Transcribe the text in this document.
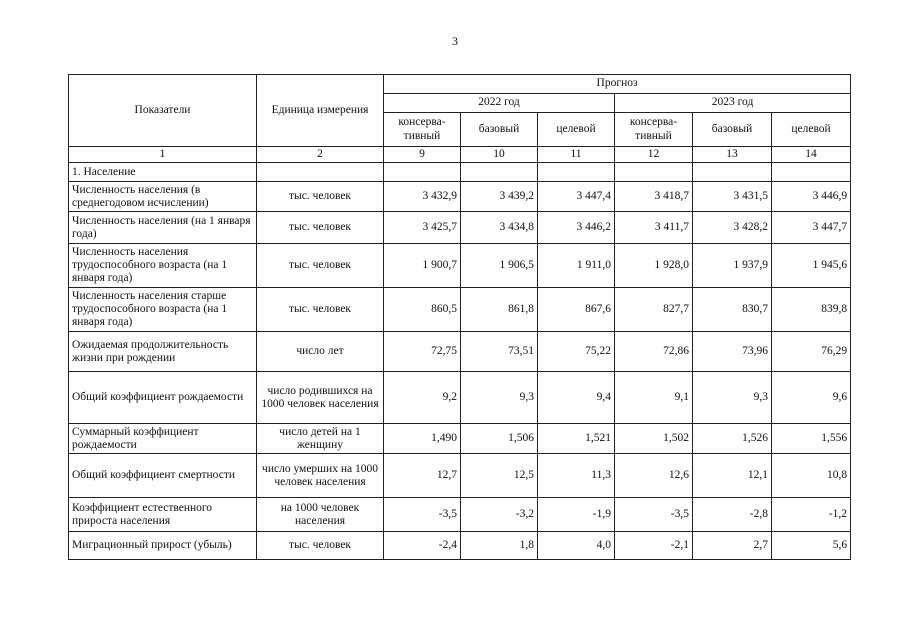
3
Показатели	Единица измерения	Прогноз					
		2022 год			2023 год		
		консерва-тивный	базовый	целевой	консерва-тивный	базовый	целевой
1	2	9	10	11	12	13	14
1. Население							
Численность населения (в среднегодовом исчислении)	тыс. человек	3 432,9	3 439,2	3 447,4	3 418,7	3 431,5	3 446,9
Численность населения (на 1 января года)	тыс. человек	3 425,7	3 434,8	3 446,2	3 411,7	3 428,2	3 447,7
Численность населения трудоспособного возраста (на 1 января года)	тыс. человек	1 900,7	1 906,5	1 911,0	1 928,0	1 937,9	1 945,6
Численность населения старше трудоспособного возраста (на 1 января года)	тыс. человек	860,5	861,8	867,6	827,7	830,7	839,8
Ожидаемая продолжительность жизни при рождении	число лет	72,75	73,51	75,22	72,86	73,96	76,29
Общий коэффициент рождаемости	число родившихся на 1000 человек населения	9,2	9,3	9,4	9,1	9,3	9,6
Суммарный коэффициент рождаемости	число детей на 1 женщину	1,490	1,506	1,521	1,502	1,526	1,556
Общий коэффициент смертности	число умерших на 1000 человек населения	12,7	12,5	11,3	12,6	12,1	10,8
Коэффициент естественного прироста населения	на 1000 человек населения	-3,5	-3,2	-1,9	-3,5	-2,8	-1,2
Миграционный прирост (убыль)	тыс. человек	-2,4	1,8	4,0	-2,1	2,7	5,6
